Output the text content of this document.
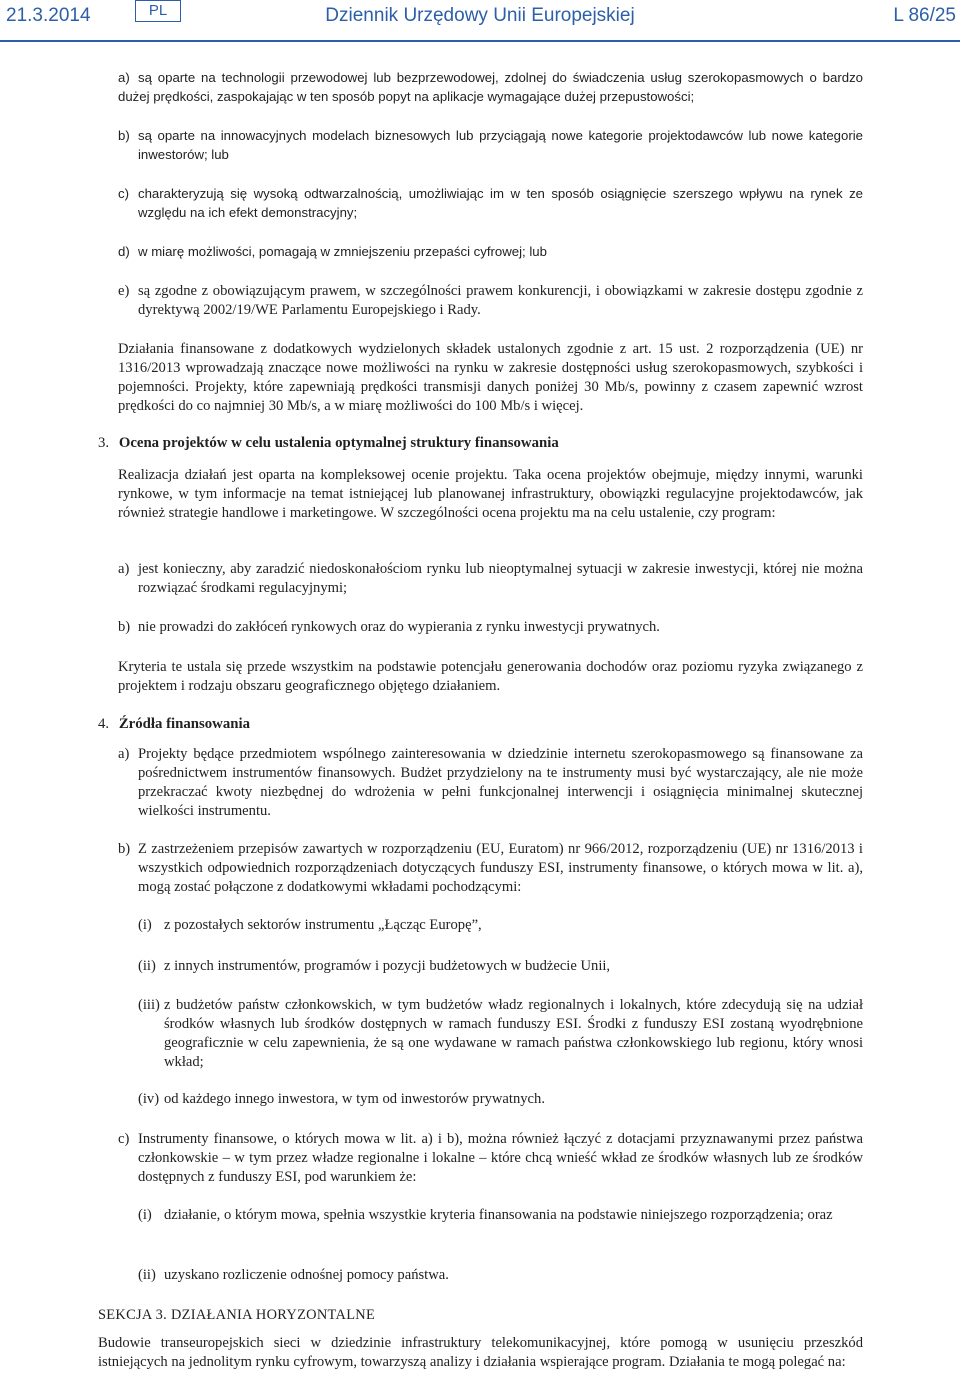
21.3.2014	PL	Dziennik Urzędowy Unii Europejskiej	L 86/25
a) są oparte na technologii przewodowej lub bezprzewodowej, zdolnej do świadczenia usług szerokopasmowych o bardzo dużej prędkości, zaspokajając w ten sposób popyt na aplikacje wymagające dużej przepustowości;
b) są oparte na innowacyjnych modelach biznesowych lub przyciągają nowe kategorie projektodawców lub nowe kategorie inwestorów; lub
c) charakteryzują się wysoką odtwarzalnością, umożliwiając im w ten sposób osiągnięcie szerszego wpływu na rynek ze względu na ich efekt demonstracyjny;
d) w miarę możliwości, pomagają w zmniejszeniu przepaści cyfrowej; lub
e) są zgodne z obowiązującym prawem, w szczególności prawem konkurencji, i obowiązkami w zakresie dostępu zgodnie z dyrektywą 2002/19/WE Parlamentu Europejskiego i Rady.

Działania finansowane z dodatkowych wydzielonych składek ustalonych zgodnie z art. 15 ust. 2 rozporządzenia (UE) nr 1316/2013 wprowadzają znaczące nowe możliwości na rynku w zakresie dostępności usług szerokopasmowych, szybkości i pojemności. Projekty, które zapewniają prędkości transmisji danych poniżej 30 Mb/s, powinny z czasem zapewnić wzrost prędkości do co najmniej 30 Mb/s, a w miarę możliwości do 100 Mb/s i więcej.

3. Ocena projektów w celu ustalenia optymalnej struktury finansowania

Realizacja działań jest oparta na kompleksowej ocenie projektu. Taka ocena projektów obejmuje, między innymi, warunki rynkowe, w tym informacje na temat istniejącej lub planowanej infrastruktury, obowiązki regulacyjne projektodawców, jak również strategie handlowe i marketingowe. W szczególności ocena projektu ma na celu ustalenie, czy program:

a) jest konieczny, aby zaradzić niedoskonałościom rynku lub nieoptymalnej sytuacji w zakresie inwestycji, której nie można rozwiązać środkami regulacyjnymi;
b) nie prowadzi do zakłóceń rynkowych oraz do wypierania z rynku inwestycji prywatnych.

Kryteria te ustala się przede wszystkim na podstawie potencjału generowania dochodów oraz poziomu ryzyka związanego z projektem i rodzaju obszaru geograficznego objętego działaniem.

4. Źródła finansowania
a) Projekty będące przedmiotem wspólnego zainteresowania w dziedzinie internetu szerokopasmowego są finansowane za pośrednictwem instrumentów finansowych. Budżet przydzielony na te instrumenty musi być wystarczający, ale nie może przekraczać kwoty niezbędnej do wdrożenia w pełni funkcjonalnej interwencji i osiągnięcia minimalnej skutecznej wielkości instrumentu.
b) Z zastrzeżeniem przepisów zawartych w rozporządzeniu (EU, Euratom) nr 966/2012, rozporządzeniu (UE) nr 1316/2013 i wszystkich odpowiednich rozporządzeniach dotyczących funduszy ESI, instrumenty finansowe, o których mowa w lit. a), mogą zostać połączone z dodatkowymi wkładami pochodzącymi:
(i) z pozostałych sektorów instrumentu „Łącząc Europę”,
(ii) z innych instrumentów, programów i pozycji budżetowych w budżecie Unii,
(iii) z budżetów państw członkowskich, w tym budżetów władz regionalnych i lokalnych, które zdecydują się na udział środków własnych lub środków dostępnych w ramach funduszy ESI. Środki z funduszy ESI zostaną wyodrębnione geograficznie w celu zapewnienia, że są one wydawane w ramach państwa członkowskiego lub regionu, który wnosi wkład;
(iv) od każdego innego inwestora, w tym od inwestorów prywatnych.
c) Instrumenty finansowe, o których mowa w lit. a) i b), można również łączyć z dotacjami przyznawanymi przez państwa członkowskie – w tym przez władze regionalne i lokalne – które chcą wnieść wkład ze środków własnych lub ze środków dostępnych z funduszy ESI, pod warunkiem że:
(i) działanie, o którym mowa, spełnia wszystkie kryteria finansowania na podstawie niniejszego rozporządzenia; oraz
(ii) uzyskano rozliczenie odnośnej pomocy państwa.
SEKCJA 3. DZIAŁANIA HORYZONTALNE

Budowie transeuropejskich sieci w dziedzinie infrastruktury telekomunikacyjnej, które pomogą w usunięciu przeszkód istniejących na jednolitym rynku cyfrowym, towarzyszą analizy i działania wspierające program. Działania te mogą polegać na:
